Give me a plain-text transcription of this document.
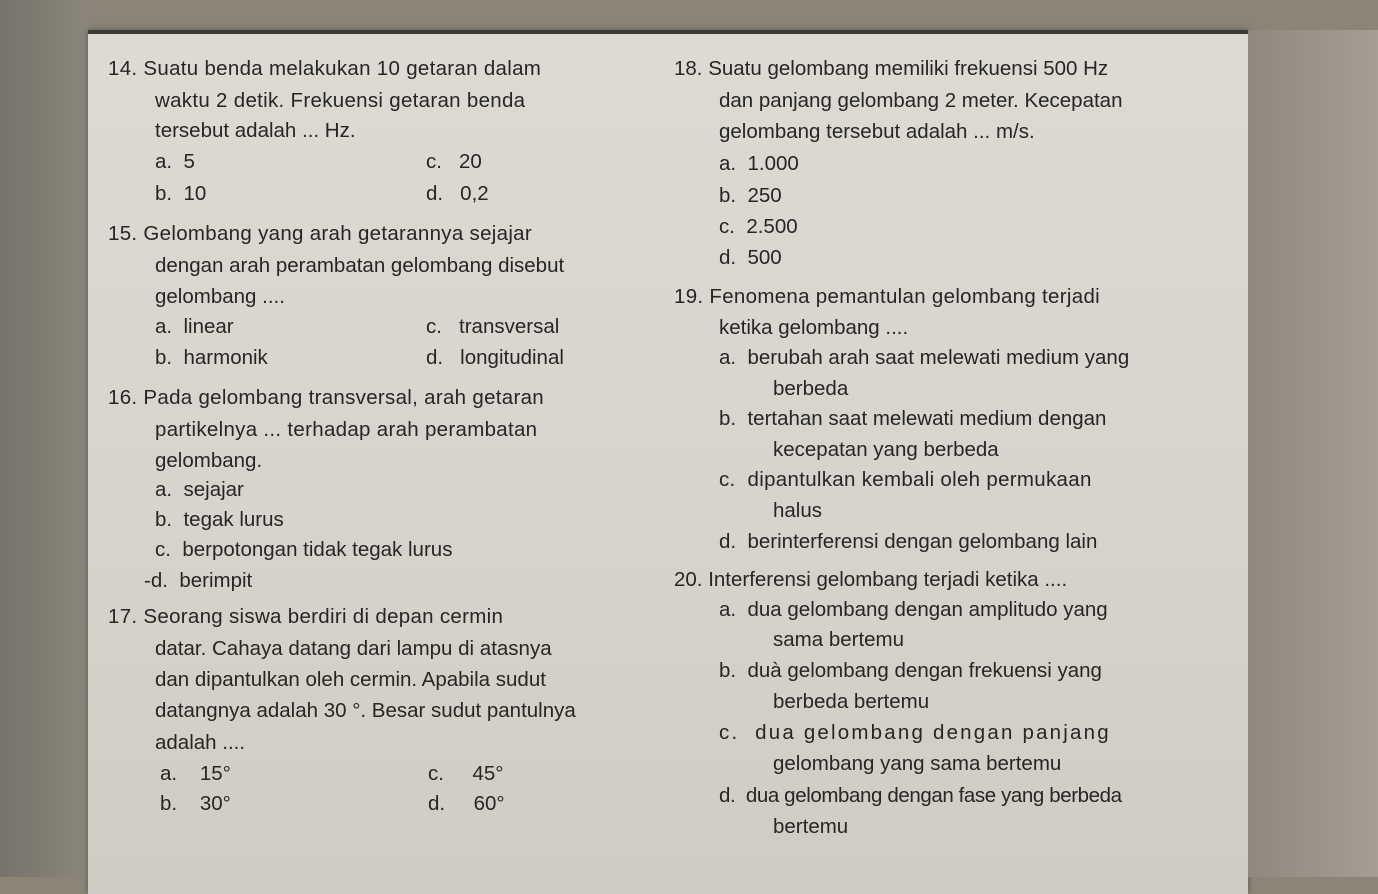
14. Suatu benda melakukan 10 getaran dalam
waktu 2 detik. Frekuensi getaran benda
tersebut adalah ... Hz.
a.  5	c.   20
b.  10	d.   0,2
15. Gelombang yang arah getarannya sejajar
dengan arah perambatan gelombang disebut
gelombang ....
a.  linear	c.   transversal
b.  harmonik	d.   longitudinal
16. Pada gelombang transversal, arah getaran
partikelnya ... terhadap arah perambatan
gelombang.
a.  sejajar
b.  tegak lurus
c.  berpotongan tidak tegak lurus
-d.  berimpit
17. Seorang siswa berdiri di depan cermin
datar. Cahaya datang dari lampu di atasnya
dan dipantulkan oleh cermin. Apabila sudut
datangnya adalah 30 °. Besar sudut pantulnya
adalah ....
a.    15°	c.     45°
b.    30°	d.     60°
18. Suatu gelombang memiliki frekuensi 500 Hz
dan panjang gelombang 2 meter. Kecepatan
gelombang tersebut adalah ... m/s.
a.  1.000
b.  250
c.  2.500
d.  500
19. Fenomena pemantulan gelombang terjadi
ketika gelombang ....
a.  berubah arah saat melewati medium yang
berbeda
b.  tertahan saat melewati medium dengan
kecepatan yang berbeda
c.  dipantulkan kembali oleh permukaan
halus
d.  berinterferensi dengan gelombang lain
20. Interferensi gelombang terjadi ketika ....
a.  dua gelombang dengan amplitudo yang
sama bertemu
b.  duà gelombang dengan frekuensi yang
berbeda bertemu
c.  dua gelombang dengan panjang
gelombang yang sama bertemu
d.  dua gelombang dengan fase yang berbeda
bertemu
